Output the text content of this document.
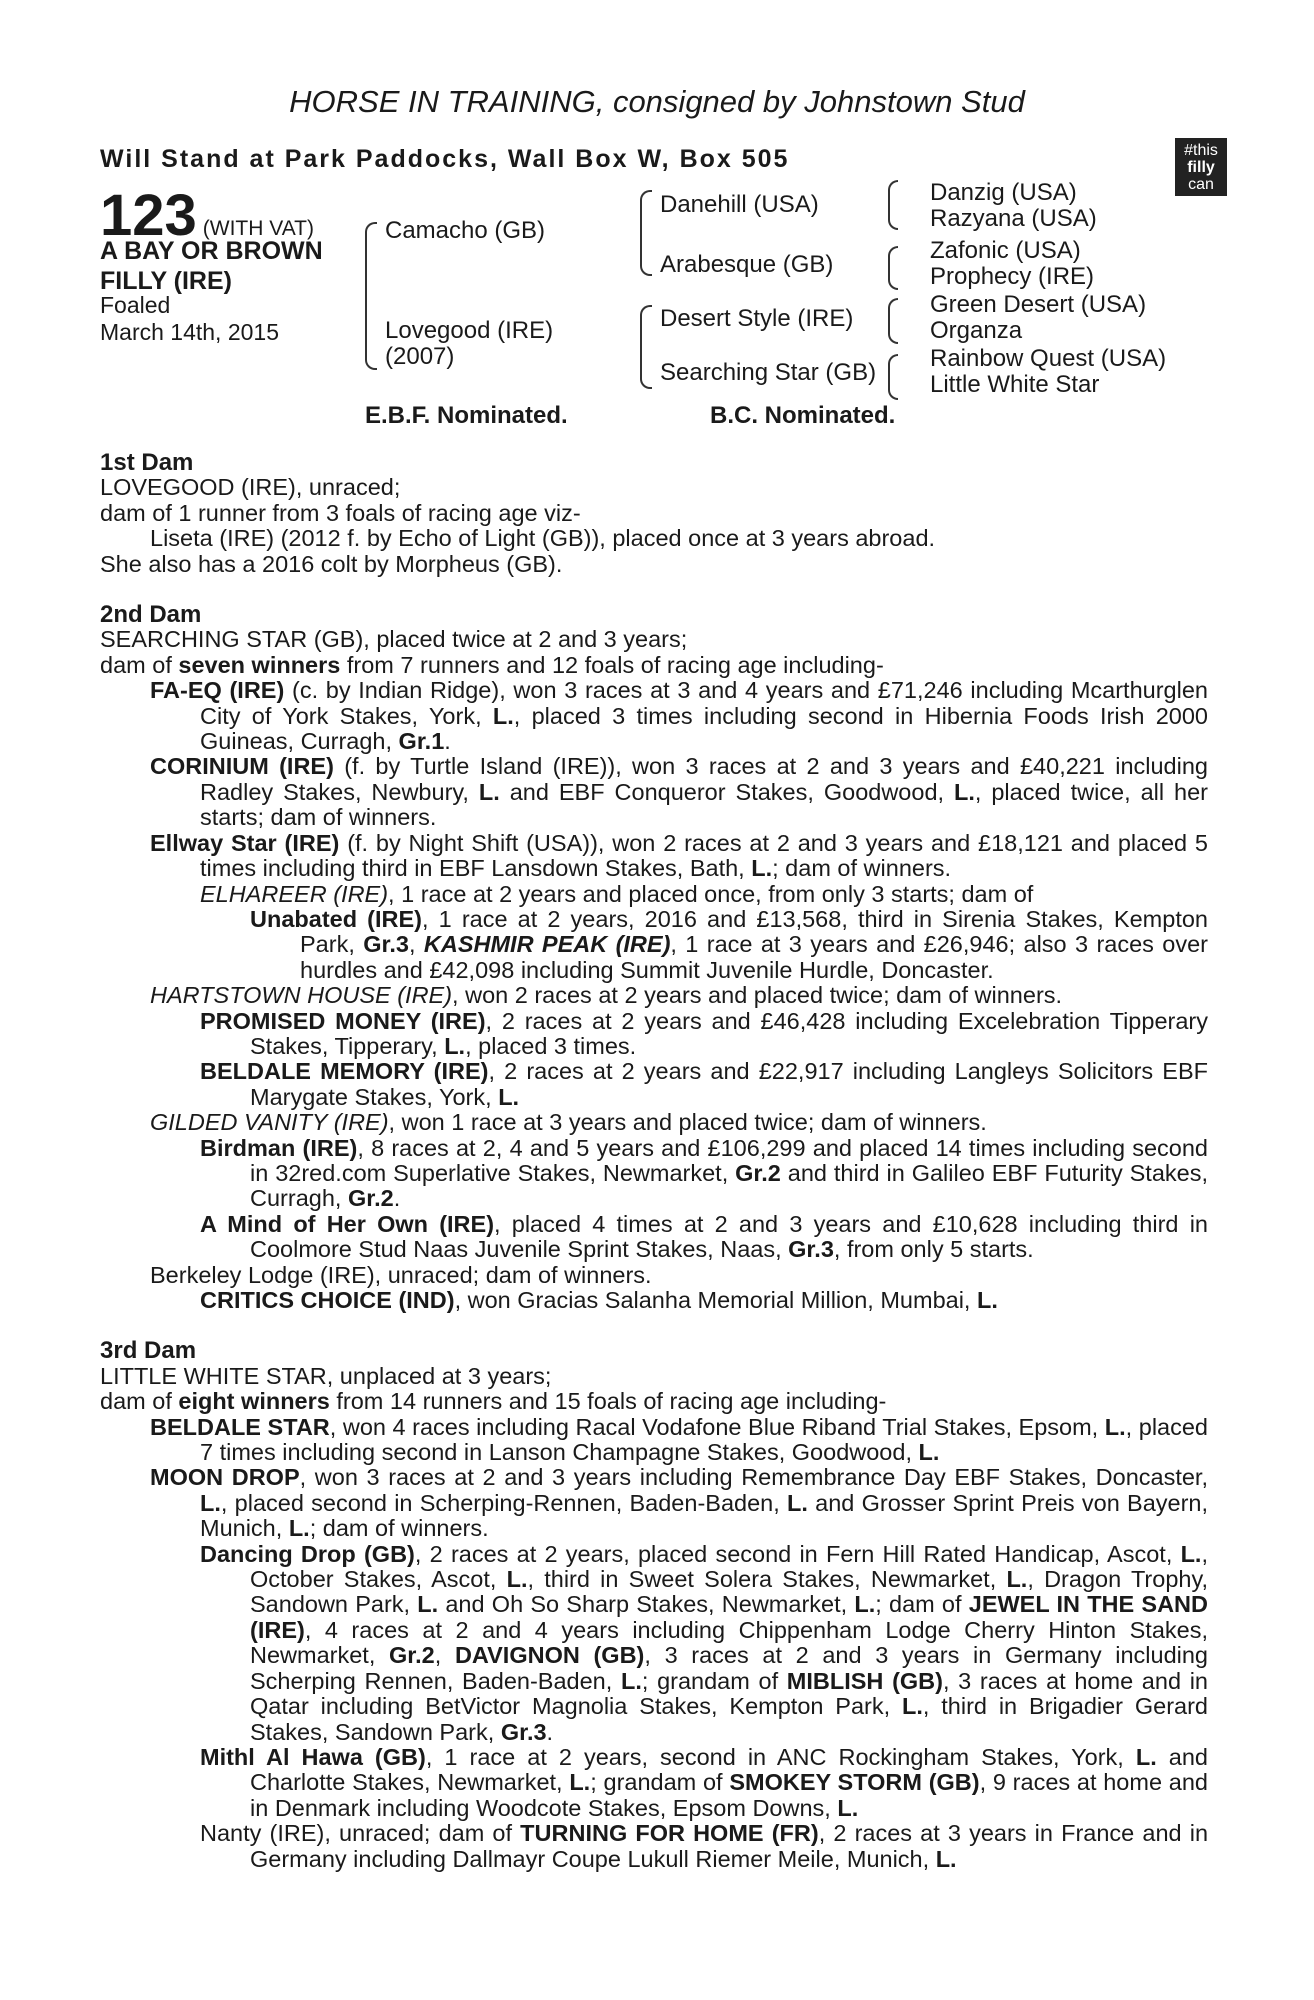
HORSE IN TRAINING, consigned by Johnstown Stud
Will Stand at Park Paddocks, Wall Box W, Box 505	#this
filly
can
123 (WITH VAT)
A BAY OR BROWN
FILLY (IRE)
Foaled
March 14th, 2015
Camacho (GB)
Lovegood (IRE)
(2007)
Danehill (USA)
Arabesque (GB)
Desert Style (IRE)
Searching Star (GB)
Danzig (USA)
Razyana (USA)
Zafonic (USA)
Prophecy (IRE)
Green Desert (USA)
Organza
Rainbow Quest (USA)
Little White Star
E.B.F. Nominated.	B.C. Nominated.
1st Dam
LOVEGOOD (IRE), unraced;
dam of 1 runner from 3 foals of racing age viz-
Liseta (IRE) (2012 f. by Echo of Light (GB)), placed once at 3 years abroad.
She also has a 2016 colt by Morpheus (GB).
2nd Dam
SEARCHING STAR (GB), placed twice at 2 and 3 years;
dam of seven winners from 7 runners and 12 foals of racing age including-
FA-EQ (IRE) (c. by Indian Ridge), won 3 races at 3 and 4 years and £71,246 including Mcarthurglen City of York Stakes, York, L., placed 3 times including second in Hibernia Foods Irish 2000 Guineas, Curragh, Gr.1.
CORINIUM (IRE) (f. by Turtle Island (IRE)), won 3 races at 2 and 3 years and £40,221 including Radley Stakes, Newbury, L. and EBF Conqueror Stakes, Goodwood, L., placed twice, all her starts; dam of winners.
Ellway Star (IRE) (f. by Night Shift (USA)), won 2 races at 2 and 3 years and £18,121 and placed 5 times including third in EBF Lansdown Stakes, Bath, L.; dam of winners.
ELHAREER (IRE), 1 race at 2 years and placed once, from only 3 starts; dam of
Unabated (IRE), 1 race at 2 years, 2016 and £13,568, third in Sirenia Stakes, Kempton Park, Gr.3, KASHMIR PEAK (IRE), 1 race at 3 years and £26,946; also 3 races over hurdles and £42,098 including Summit Juvenile Hurdle, Doncaster.
HARTSTOWN HOUSE (IRE), won 2 races at 2 years and placed twice; dam of winners.
PROMISED MONEY (IRE), 2 races at 2 years and £46,428 including Excelebration Tipperary Stakes, Tipperary, L., placed 3 times.
BELDALE MEMORY (IRE), 2 races at 2 years and £22,917 including Langleys Solicitors EBF Marygate Stakes, York, L.
GILDED VANITY (IRE), won 1 race at 3 years and placed twice; dam of winners.
Birdman (IRE), 8 races at 2, 4 and 5 years and £106,299 and placed 14 times including second in 32red.com Superlative Stakes, Newmarket, Gr.2 and third in Galileo EBF Futurity Stakes, Curragh, Gr.2.
A Mind of Her Own (IRE), placed 4 times at 2 and 3 years and £10,628 including third in Coolmore Stud Naas Juvenile Sprint Stakes, Naas, Gr.3, from only 5 starts.
Berkeley Lodge (IRE), unraced; dam of winners.
CRITICS CHOICE (IND), won Gracias Salanha Memorial Million, Mumbai, L.
3rd Dam
LITTLE WHITE STAR, unplaced at 3 years;
dam of eight winners from 14 runners and 15 foals of racing age including-
BELDALE STAR, won 4 races including Racal Vodafone Blue Riband Trial Stakes, Epsom, L., placed 7 times including second in Lanson Champagne Stakes, Goodwood, L.
MOON DROP, won 3 races at 2 and 3 years including Remembrance Day EBF Stakes, Doncaster, L., placed second in Scherping-Rennen, Baden-Baden, L. and Grosser Sprint Preis von Bayern, Munich, L.; dam of winners.
Dancing Drop (GB), 2 races at 2 years, placed second in Fern Hill Rated Handicap, Ascot, L., October Stakes, Ascot, L., third in Sweet Solera Stakes, Newmarket, L., Dragon Trophy, Sandown Park, L. and Oh So Sharp Stakes, Newmarket, L.; dam of JEWEL IN THE SAND (IRE), 4 races at 2 and 4 years including Chippenham Lodge Cherry Hinton Stakes, Newmarket, Gr.2, DAVIGNON (GB), 3 races at 2 and 3 years in Germany including Scherping Rennen, Baden-Baden, L.; grandam of MIBLISH (GB), 3 races at home and in Qatar including BetVictor Magnolia Stakes, Kempton Park, L., third in Brigadier Gerard Stakes, Sandown Park, Gr.3.
Mithl Al Hawa (GB), 1 race at 2 years, second in ANC Rockingham Stakes, York, L. and Charlotte Stakes, Newmarket, L.; grandam of SMOKEY STORM (GB), 9 races at home and in Denmark including Woodcote Stakes, Epsom Downs, L.
Nanty (IRE), unraced; dam of TURNING FOR HOME (FR), 2 races at 3 years in France and in Germany including Dallmayr Coupe Lukull Riemer Meile, Munich, L.
